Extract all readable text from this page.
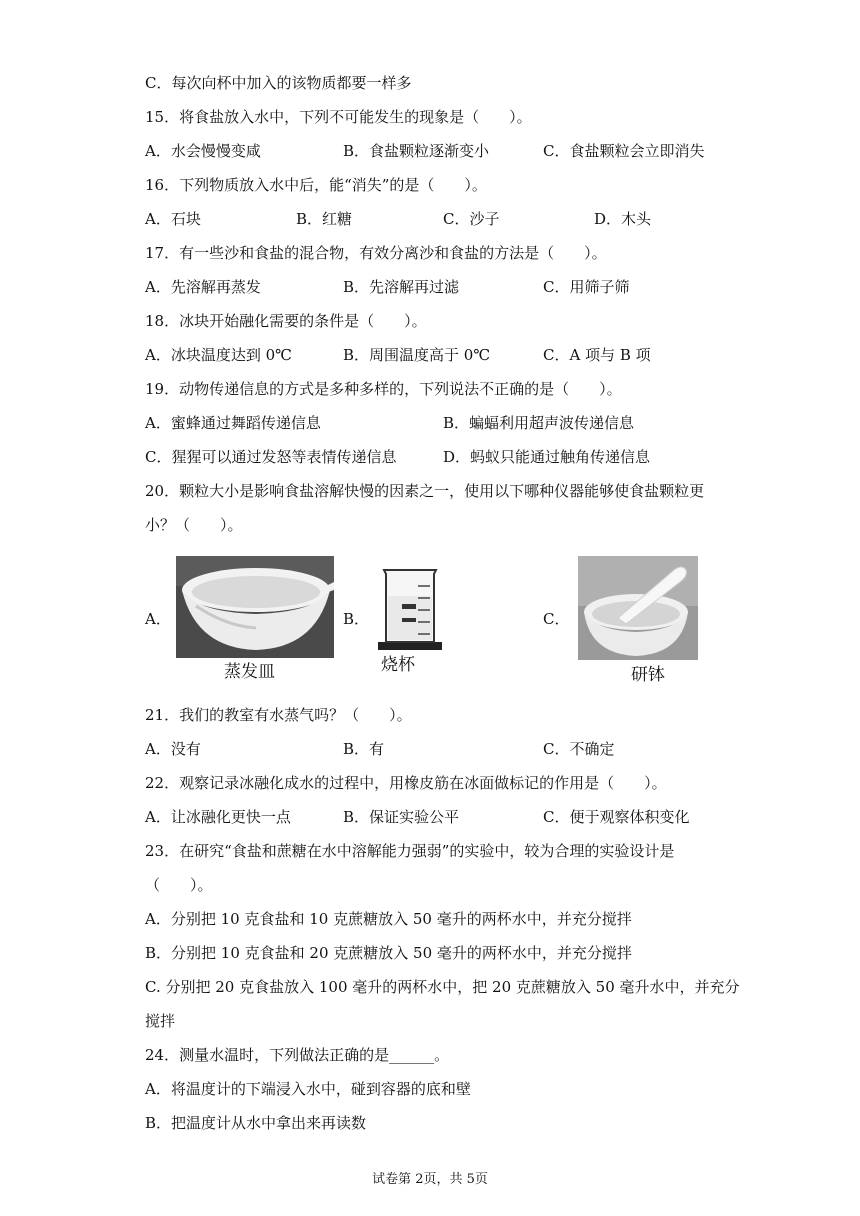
C．每次向杯中加入的该物质都要一样多
15．将食盐放入水中，下列不可能发生的现象是（　　）。
A．水会慢慢变咸	B．食盐颗粒逐渐变小	C．食盐颗粒会立即消失
16．下列物质放入水中后，能“消失”的是（　　）。
A．石块	B．红糖	C．沙子	D．木头
17．有一些沙和食盐的混合物，有效分离沙和食盐的方法是（　　）。
A．先溶解再蒸发	B．先溶解再过滤	C．用筛子筛
18．冰块开始融化需要的条件是（　　）。
A．冰块温度达到 0℃	B．周围温度高于 0℃	C．A 项与 B 项
19．动物传递信息的方式是多种多样的，下列说法不正确的是（　　）。
A．蜜蜂通过舞蹈传递信息	B．蝙蝠利用超声波传递信息
C．猩猩可以通过发怒等表情传递信息	D．蚂蚁只能通过触角传递信息
20．颗粒大小是影响食盐溶解快慢的因素之一，使用以下哪种仪器能够使食盐颗粒更
小？（　　）。
A．
蒸发皿
B．
烧杯
C．
研钵
21．我们的教室有水蒸气吗？（　　）。
A．没有	B．有	C．不确定
22．观察记录冰融化成水的过程中，用橡皮筋在冰面做标记的作用是（　　）。
A．让冰融化更快一点	B．保证实验公平	C．便于观察体积变化
23．在研究“食盐和蔗糖在水中溶解能力强弱”的实验中，较为合理的实验设计是
（　　）。
A．分别把 10 克食盐和 10 克蔗糖放入 50 毫升的两杯水中，并充分搅拌
B．分别把 10 克食盐和 20 克蔗糖放入 50 毫升的两杯水中，并充分搅拌
C. 分别把 20 克食盐放入 100 毫升的两杯水中，把 20 克蔗糖放入 50 毫升水中，并充分
搅拌
24．测量水温时，下列做法正确的是______。
A．将温度计的下端浸入水中，碰到容器的底和壁
B．把温度计从水中拿出来再读数
试卷第 2页，共 5页
